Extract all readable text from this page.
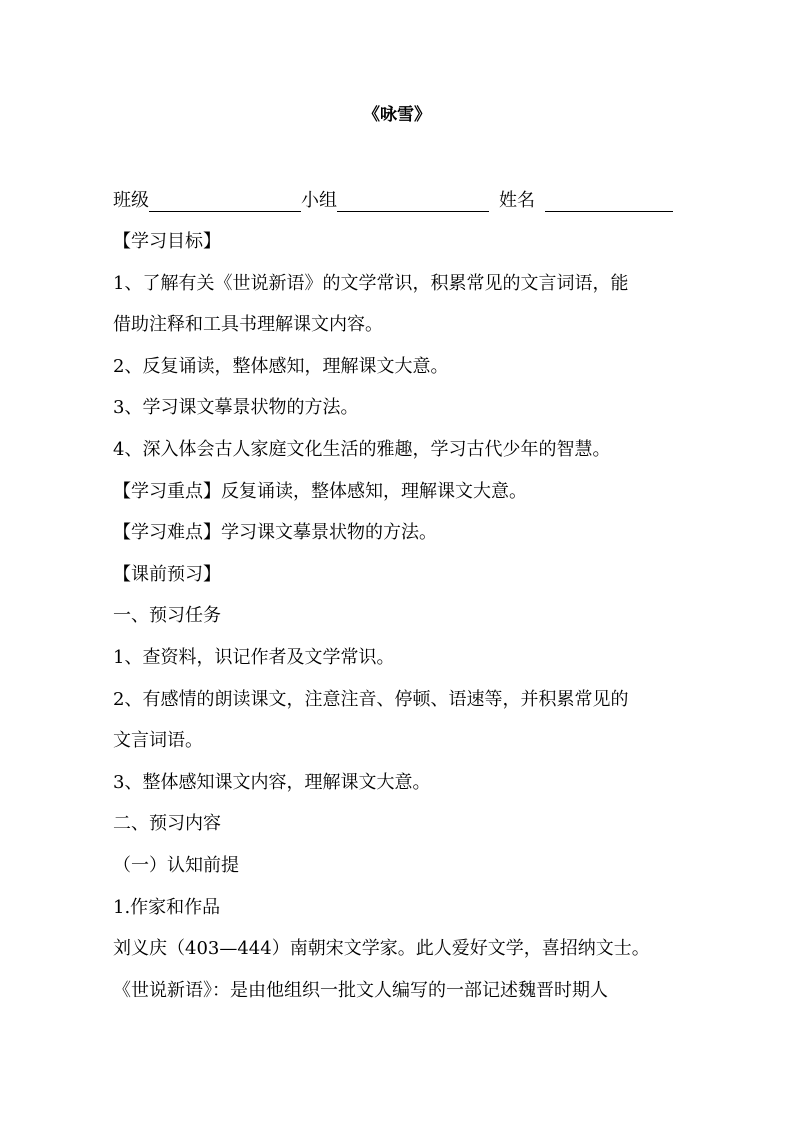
《咏雪》
班级	小组	姓名
【学习目标】
1、了解有关《世说新语》的文学常识，积累常见的文言词语，能
借助注释和工具书理解课文内容。
2、反复诵读，整体感知，理解课文大意。
3、学习课文摹景状物的方法。
4、深入体会古人家庭文化生活的雅趣，学习古代少年的智慧。
【学习重点】反复诵读，整体感知，理解课文大意。
【学习难点】学习课文摹景状物的方法。
【课前预习】
一、预习任务
1、查资料，识记作者及文学常识。
2、有感情的朗读课文，注意注音、停顿、语速等，并积累常见的
文言词语。
3、整体感知课文内容，理解课文大意。
二、预习内容
（一）认知前提
1.作家和作品
刘义庆（403—444）南朝宋文学家。此人爱好文学，喜招纳文士。
《世说新语》：是由他组织一批文人编写的一部记述魏晋时期人
